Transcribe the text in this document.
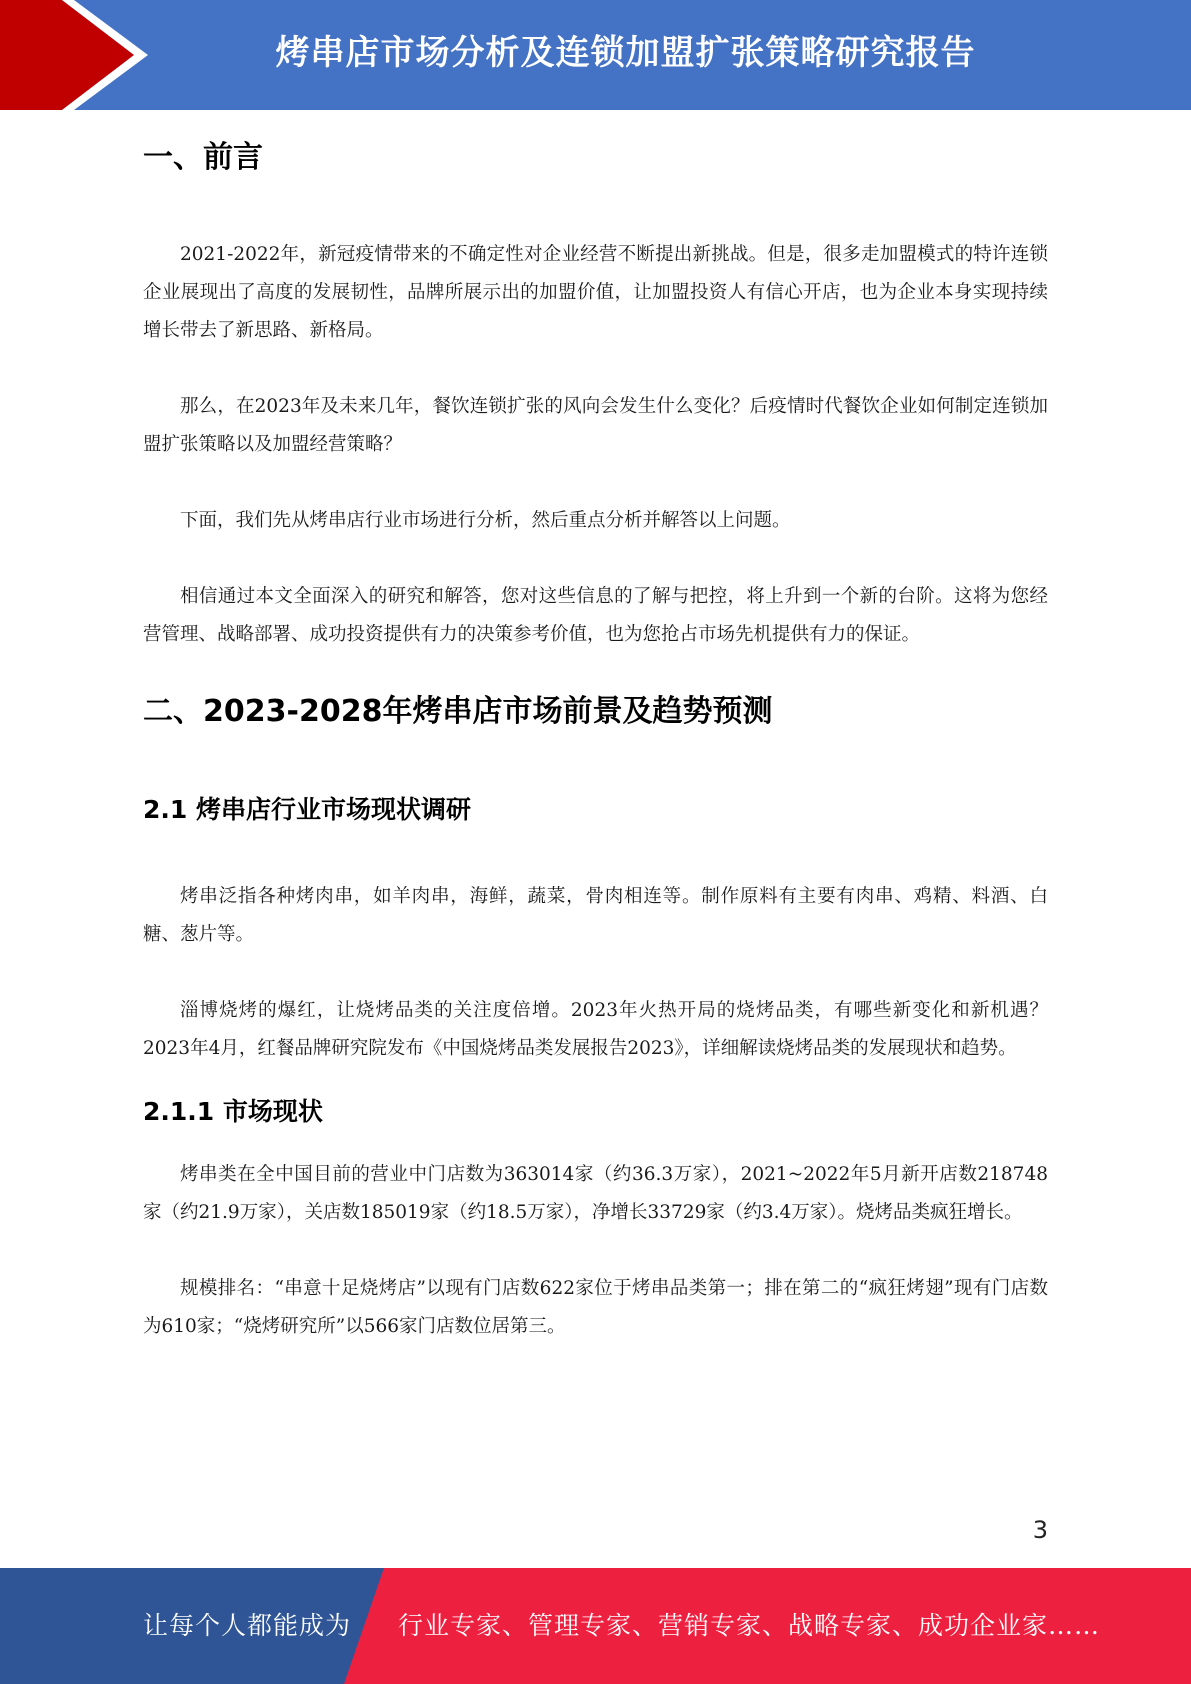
烤串店市场分析及连锁加盟扩张策略研究报告
一、前言

2021-2022年，新冠疫情带来的不确定性对企业经营不断提出新挑战。但是，很多走加盟模式的特许连锁企业展现出了高度的发展韧性，品牌所展示出的加盟价值，让加盟投资人有信心开店，也为企业本身实现持续增长带去了新思路、新格局。

那么，在2023年及未来几年，餐饮连锁扩张的风向会发生什么变化？后疫情时代餐饮企业如何制定连锁加盟扩张策略以及加盟经营策略？

下面，我们先从烤串店行业市场进行分析，然后重点分析并解答以上问题。

相信通过本文全面深入的研究和解答，您对这些信息的了解与把控，将上升到一个新的台阶。这将为您经营管理、战略部署、成功投资提供有力的决策参考价值，也为您抢占市场先机提供有力的保证。

二、2023-2028年烤串店市场前景及趋势预测
2.1 烤串店行业市场现状调研

烤串泛指各种烤肉串，如羊肉串，海鲜，蔬菜，骨肉相连等。制作原料有主要有肉串、鸡精、料酒、白糖、葱片等。

淄博烧烤的爆红，让烧烤品类的关注度倍增。2023年火热开局的烧烤品类，有哪些新变化和新机遇？2023年4月，红餐品牌研究院发布《中国烧烤品类发展报告2023》，详细解读烧烤品类的发展现状和趋势。

2.1.1 市场现状

烤串类在全中国目前的营业中门店数为363014家（约36.3万家），2021~2022年5月新开店数218748家（约21.9万家），关店数185019家（约18.5万家），净增长33729家（约3.4万家）。烧烤品类疯狂增长。

规模排名：“串意十足烧烤店”以现有门店数622家位于烤串品类第一；排在第二的“疯狂烤翅”现有门店数为610家；“烧烤研究所”以566家门店数位居第三。

3
让每个人都能成为 行业专家、管理专家、营销专家、战略专家、成功企业家……
